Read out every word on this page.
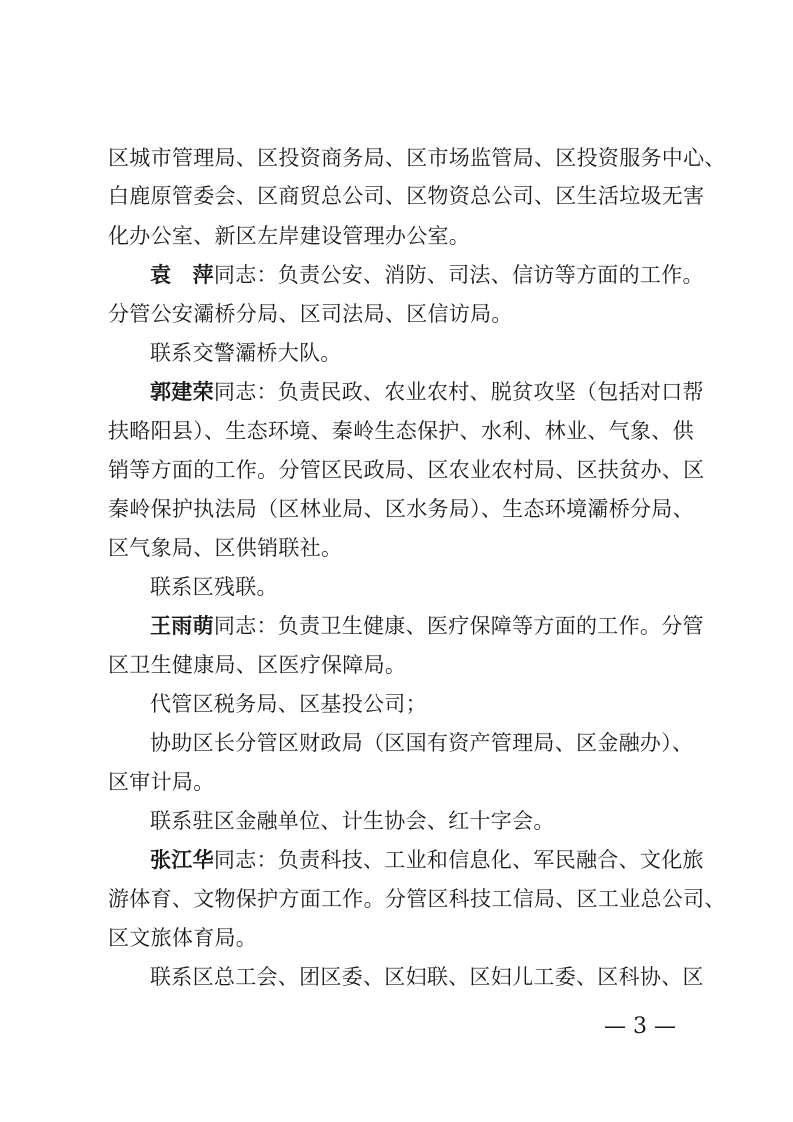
区城市管理局、区投资商务局、区市场监管局、区投资服务中心、
白鹿原管委会、区商贸总公司、区物资总公司、区生活垃圾无害
化办公室、新区左岸建设管理办公室。
袁　萍同志：负责公安、消防、司法、信访等方面的工作。
分管公安灞桥分局、区司法局、区信访局。
联系交警灞桥大队。
郭建荣同志：负责民政、农业农村、脱贫攻坚（包括对口帮
扶略阳县）、生态环境、秦岭生态保护、水利、林业、气象、供
销等方面的工作。分管区民政局、区农业农村局、区扶贫办、区
秦岭保护执法局（区林业局、区水务局）、生态环境灞桥分局、
区气象局、区供销联社。
联系区残联。
王雨萌同志：负责卫生健康、医疗保障等方面的工作。分管
区卫生健康局、区医疗保障局。
代管区税务局、区基投公司；
协助区长分管区财政局（区国有资产管理局、区金融办）、
区审计局。
联系驻区金融单位、计生协会、红十字会。
张江华同志：负责科技、工业和信息化、军民融合、文化旅
游体育、文物保护方面工作。分管区科技工信局、区工业总公司、
区文旅体育局。
联系区总工会、团区委、区妇联、区妇儿工委、区科协、区
— 3 —
